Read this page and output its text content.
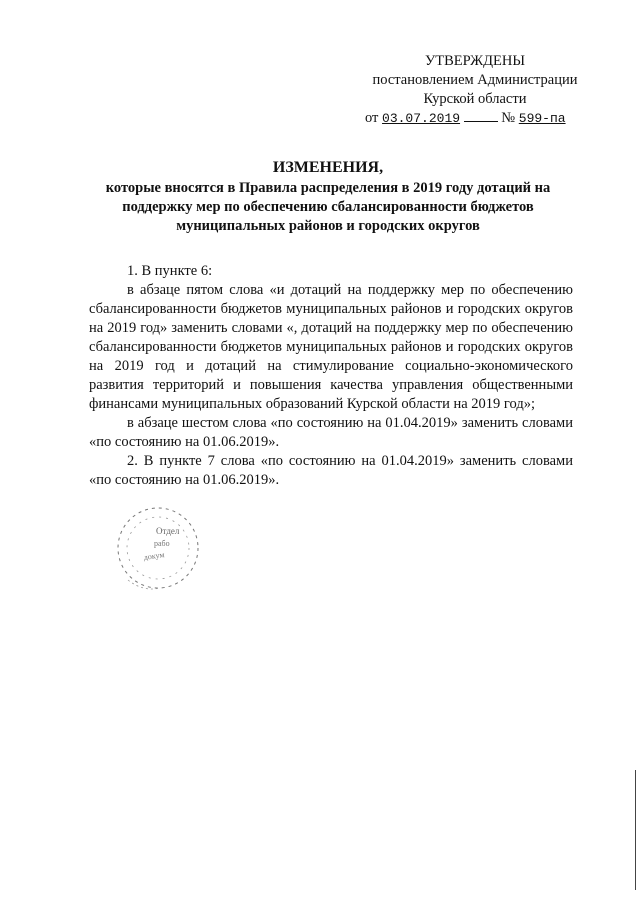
УТВЕРЖДЕНЫ
постановлением Администрации
Курской области
от 03.07.2019	№ 599-па
ИЗМЕНЕНИЯ,
которые вносятся в Правила распределения в 2019 году дотаций на поддержку мер по обеспечению сбалансированности бюджетов муниципальных районов и городских округов

1. В пункте 6:

в абзаце пятом слова «и дотаций на поддержку мер по обеспечению сбалансированности бюджетов муниципальных районов и городских округов на 2019 год» заменить словами «, дотаций на поддержку мер по обеспечению сбалансированности бюджетов муниципальных районов и городских округов на 2019 год и дотаций на стимулирование социально-экономического развития территорий и повышения качества управления общественными финансами муниципальных образований Курской области на 2019 год»;

в абзаце шестом слова «по состоянию на 01.04.2019» заменить словами «по состоянию на 01.06.2019».

2. В пункте 7 слова «по состоянию на 01.04.2019» заменить словами «по состоянию на 01.06.2019».

Отдел
рабо
докум
